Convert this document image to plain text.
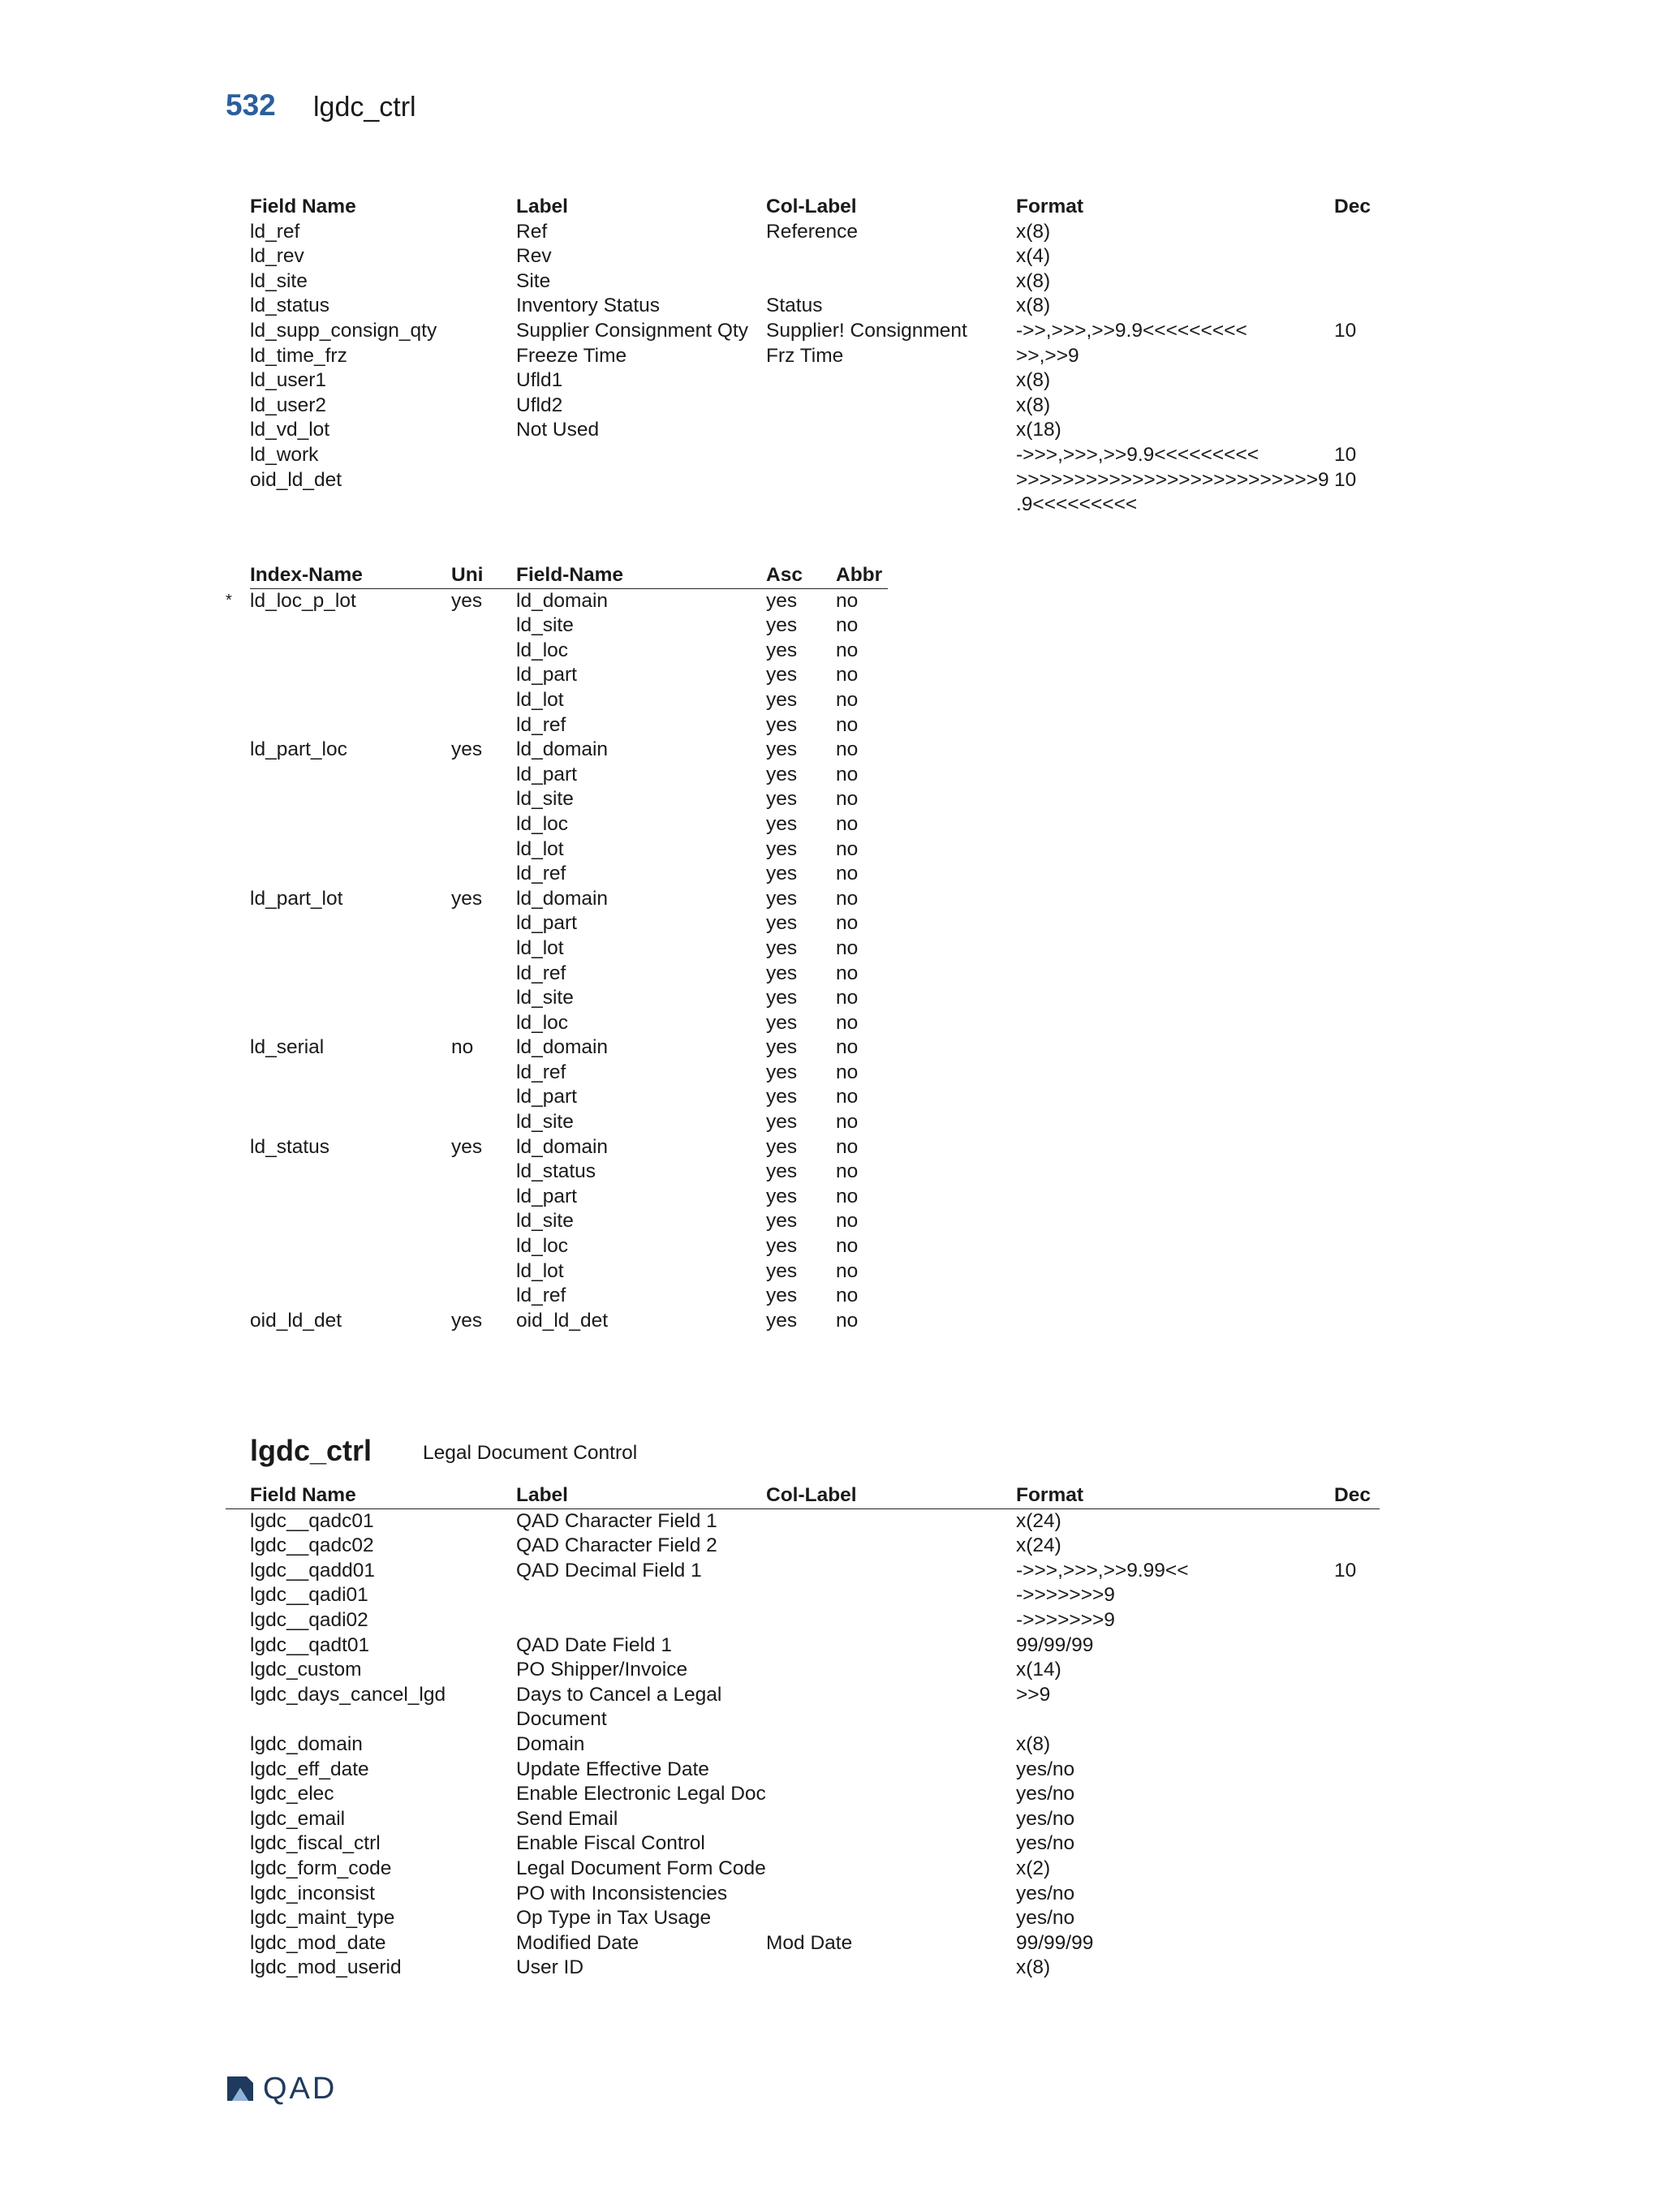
532 lgdc_ctrl
Field Name	Label	Col-Label	Format	Dec
ld_ref	Ref	Reference	x(8)	
ld_rev	Rev		x(4)	
ld_site	Site		x(8)	
ld_status	Inventory Status	Status	x(8)	
ld_supp_consign_qty	Supplier Consignment Qty	Supplier! Consignment	->>,>>>,>>9.9<<<<<<<<<	10
ld_time_frz	Freeze Time	Frz Time	>>,>>9	
ld_user1	Ufld1		x(8)	
ld_user2	Ufld2		x(8)	
ld_vd_lot	Not Used		x(18)	
ld_work			->>>,>>>,>>9.9<<<<<<<<<	10
oid_ld_det			>>>>>>>>>>>>>>>>>>>>>>>>>>9	10
			.9<<<<<<<<<	
	Index-Name	Uni	Field-Name	Asc	Abbr
*	ld_loc_p_lot	yes	ld_domain	yes	no
			ld_site	yes	no
			ld_loc	yes	no
			ld_part	yes	no
			ld_lot	yes	no
			ld_ref	yes	no
	ld_part_loc	yes	ld_domain	yes	no
			ld_part	yes	no
			ld_site	yes	no
			ld_loc	yes	no
			ld_lot	yes	no
			ld_ref	yes	no
	ld_part_lot	yes	ld_domain	yes	no
			ld_part	yes	no
			ld_lot	yes	no
			ld_ref	yes	no
			ld_site	yes	no
			ld_loc	yes	no
	ld_serial	no	ld_domain	yes	no
			ld_ref	yes	no
			ld_part	yes	no
			ld_site	yes	no
	ld_status	yes	ld_domain	yes	no
			ld_status	yes	no
			ld_part	yes	no
			ld_site	yes	no
			ld_loc	yes	no
			ld_lot	yes	no
			ld_ref	yes	no
	oid_ld_det	yes	oid_ld_det	yes	no
lgdc_ctrl	Legal Document Control
	Field Name	Label	Col-Label	Format	Dec
	lgdc__qadc01	QAD Character Field 1		x(24)	
	lgdc__qadc02	QAD Character Field 2		x(24)	
	lgdc__qadd01	QAD Decimal Field 1		->>>,>>>,>>9.99<<	10
	lgdc__qadi01			->>>>>>>9	
	lgdc__qadi02			->>>>>>>9	
	lgdc__qadt01	QAD Date Field 1		99/99/99	
	lgdc_custom	PO Shipper/Invoice		x(14)	
	lgdc_days_cancel_lgd	Days to Cancel a Legal Document		>>9	
	lgdc_domain	Domain		x(8)	
	lgdc_eff_date	Update Effective Date		yes/no	
	lgdc_elec	Enable Electronic Legal Doc		yes/no	
	lgdc_email	Send Email		yes/no	
	lgdc_fiscal_ctrl	Enable Fiscal Control		yes/no	
	lgdc_form_code	Legal Document Form Code		x(2)	
	lgdc_inconsist	PO with Inconsistencies		yes/no	
	lgdc_maint_type	Op Type in Tax Usage		yes/no	
	lgdc_mod_date	Modified Date	Mod Date	99/99/99	
	lgdc_mod_userid	User ID		x(8)	
QAD
